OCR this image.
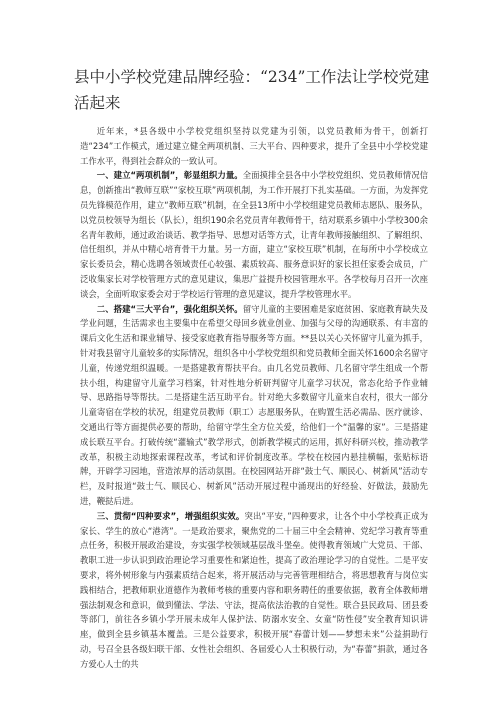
县中小学校党建品牌经验：“234”工作法让学校党建活起来

近年来，*县各级中小学校党组织坚持以党建为引领，以党员教师为骨干，创新打造“234”工作模式，通过建立健全两项机制、三大平台、四种要求，提升了全县中小学校党建工作水平，得到社会群众的一致认可。

一、建立“两项机制”，彰显组织力量。全面摸排全县各中小学校党组织、党员教师情况信息，创新推出“教师互联”“家校互联”两项机制，为工作开展打下扎实基础。一方面，为发挥党员先锋模范作用，建立“教师互联”机制，在全县13所中小学校组建党员教师志愿队、服务队，以党员校领导为组长（队长），组织190余名党员青年教师骨干，结对联系乡镇中小学校300余名青年教师，通过政治谈话、教学指导、思想对话等方式，让青年教师接触组织、了解组织、信任组织，并从中精心培育骨干力量。另一方面，建立“家校互联”机制，在每所中小学校成立家长委员会，精心选聘各领域责任心较强、素质较高、服务意识好的家长担任家委会成员，广泛收集家长对学校管理方式的意见建议，集思广益提升校园管理水平。各学校每月召开一次座谈会，全面听取家委会对于学校运行管理的意见建议，提升学校管理水平。

二、搭建“三大平台”，强化组织关怀。留守儿童的主要困难是家庭贫困、家庭教育缺失及学业问题，生活需求也主要集中在希望父母回乡就业创业、加强与父母的沟通联系、有丰富的课后文化生活和课业辅导、接受家庭教育指导服务等方面。**县以关心关怀留守儿童为抓手，针对我县留守儿童较多的实际情况，组织各中小学校党组织和党员教师全面关怀1600余名留守儿童，传递党组织温暖。一是搭建教育帮扶平台。由几名党员教师、几名留守学生组成一个帮扶小组，构建留守儿童学习档案，针对性地分析研判留守儿童学习状况，常态化给予作业辅导、思路指导等帮扶。二是搭建生活互助平台。针对绝大多数留守儿童来自农村，很大一部分儿童寄宿在学校的状况，组建党员教师（职工）志愿服务队，在购置生活必需品、医疗就诊、交通出行等方面提供必要的帮助，给留守学生全方位关爱，给他们一个“温馨的家”。三是搭建成长联互平台。打破传统“灌输式”教学形式，创新教学模式的运用，抓好科研兴校，推动教学改革，积极主动地探索课程改革，考试和评价制度改革。学校在校园内悬挂横幅，张贴标语牌，开辟学习园地，营造浓厚的活动氛围。在校园网站开辟“鼓士气、顺民心、树新风”活动专栏，及时报道“鼓士气、顺民心、树新风”活动开展过程中涌现出的好经验、好做法，鼓励先进，鞭挞后进。

三、贯彻“四种要求”，增强组织实效。突出“平安，”四种要求，让各个中小学校真正成为家长、学生的放心“港湾”。一是政治要求，聚焦党的二十届三中全会精神、党纪学习教育等重点任务，积极开展政治建设，夯实强学校领域基层战斗堡垒。使得教育领域广大党员、干部、教职工进一步认识到政治理论学习重要性和紧迫性，提高了政治理论学习的自觉性。二是平安要求，将外树形象与内强素质结合起来，将开展活动与完善管理相结合，将思想教育与岗位实践相结合，把教师职业道德作为教师考核的重要内容和职务聘任的重要依据，教育全体教师增强法制观念和意识，做到懂法、学法、守法，提高依法治教的自觉性。联合县民政局、团县委等部门，前往各乡镇小学开展未成年人保护法、防溺水安全、女童“防性侵”安全教育知识讲座，做到全县乡镇基本覆盖。三是公益要求，积极开展“春蕾计划——梦想未来”公益捐助行动，号召全县各级妇联干部、女性社会组织、各届爱心人士积极行动，为“春蕾”捐款，通过各方爱心人士的共
